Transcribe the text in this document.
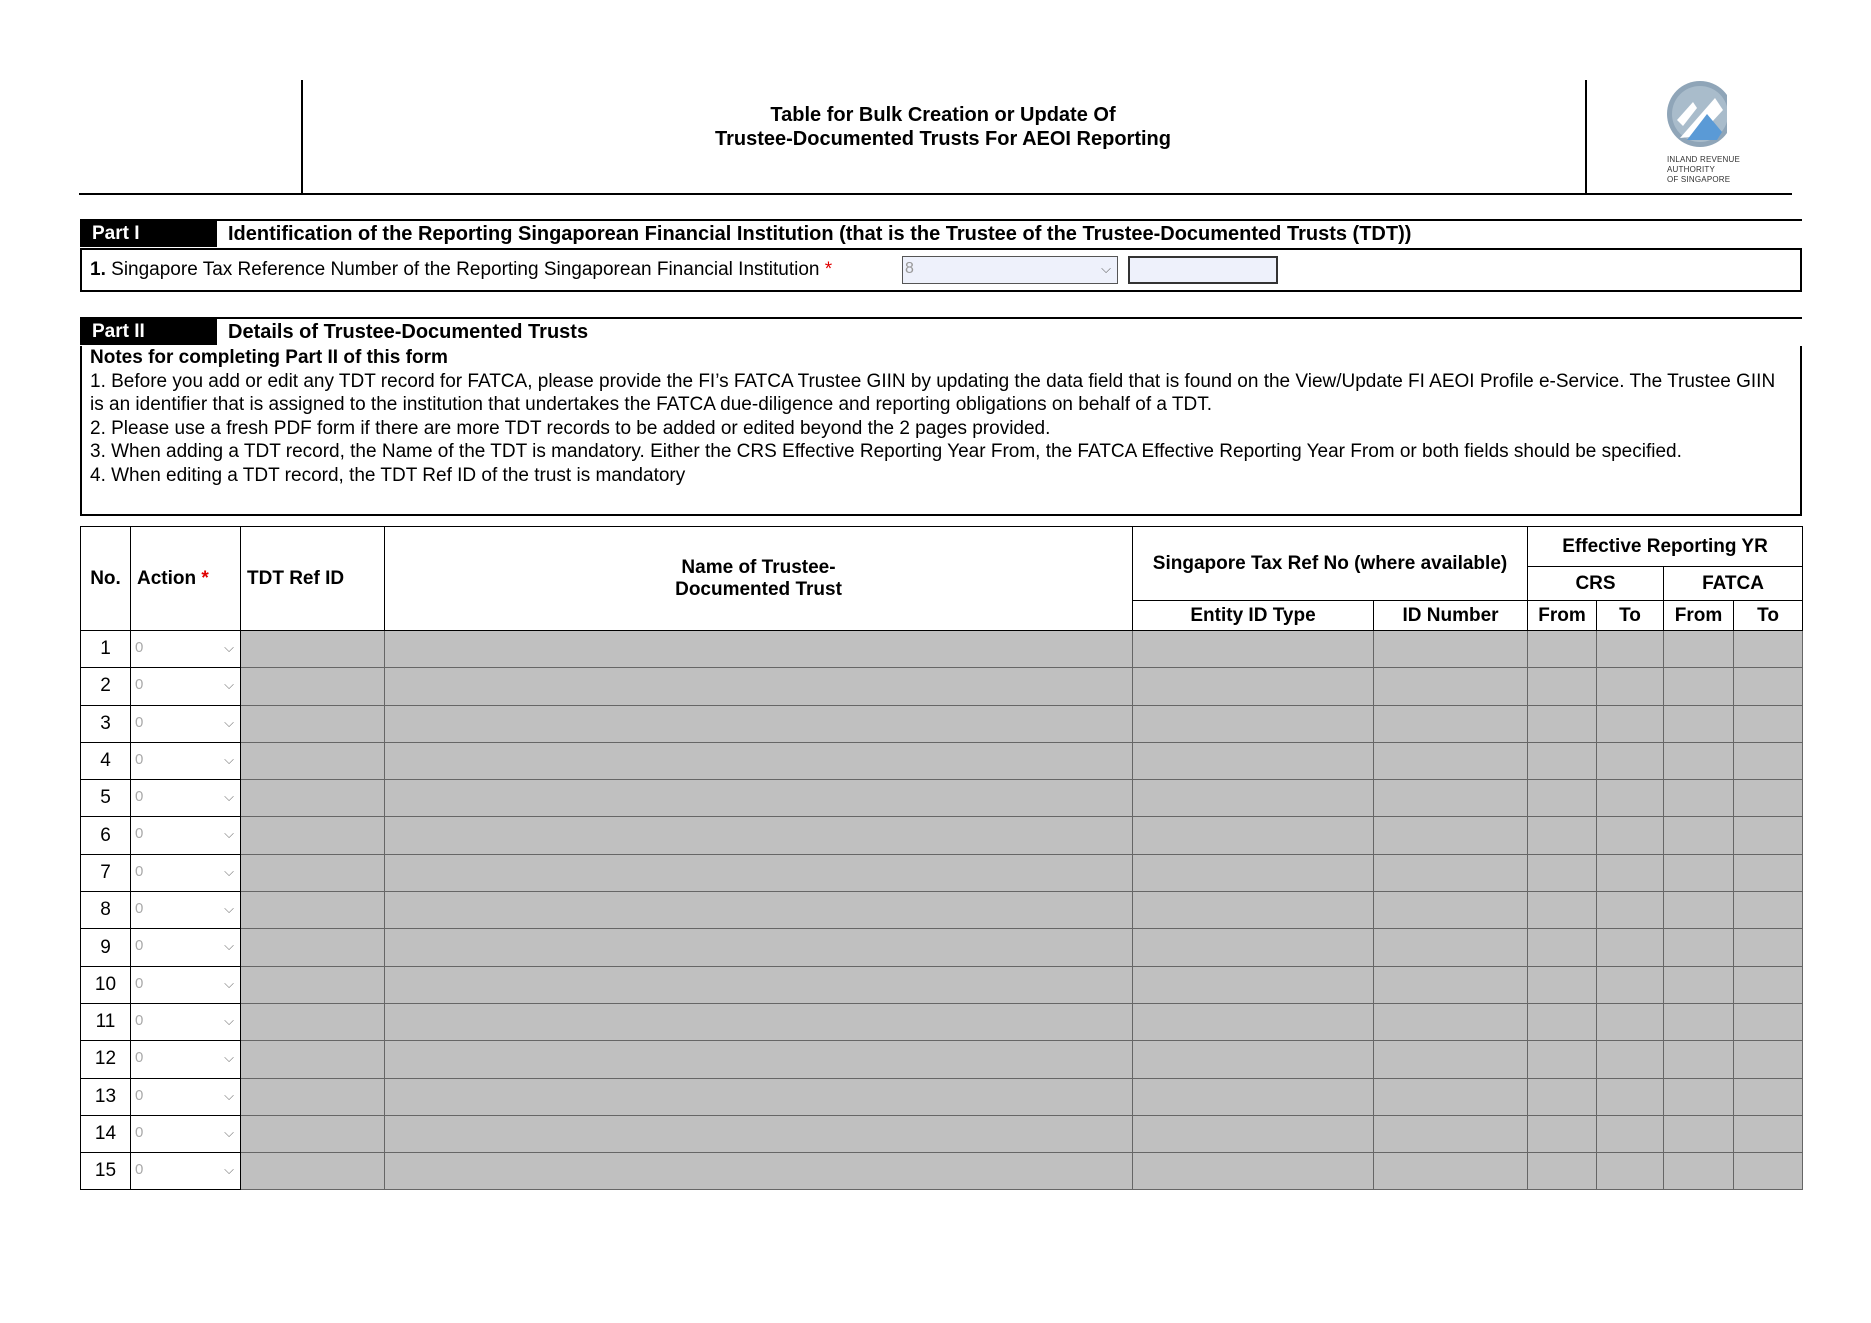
Table for Bulk Creation or Update Of
Trustee-Documented Trusts For AEOI Reporting
INLAND REVENUE
AUTHORITY
OF SINGAPORE
Part I	Identification of the Reporting Singaporean Financial Institution (that is the Trustee of the Trustee-Documented Trusts (TDT))
1. Singapore Tax Reference Number of the Reporting Singaporean Financial Institution *	8	⌵
Part II	Details of Trustee-Documented Trusts

Notes for completing Part II of this form

1. Before you add or edit any TDT record for FATCA, please provide the FI’s FATCA Trustee GIIN by updating the data field that is found on the View/Update FI AEOI Profile e-Service. The Trustee GIIN is an identifier that is assigned to the institution that undertakes the FATCA due-diligence and reporting obligations on behalf of a TDT.

2. Please use a fresh PDF form if there are more TDT records to be added or edited beyond the 2 pages provided.

3. When adding a TDT record, the Name of the TDT is mandatory. Either the CRS Effective Reporting Year From, the FATCA Effective Reporting Year From or both fields should be specified.

4. When editing a TDT record, the TDT Ref ID of the trust is mandatory

No.	Action *	TDT Ref ID	Name of Trustee-Documented Trust	Singapore Tax Ref No (where available)		Effective Reporting YR			
						CRS		FATCA	
				Entity ID Type	ID Number	From	To	From	To
1	0 ⌵								

2	0 ⌵								

3	0 ⌵								

4	0 ⌵								

5	0 ⌵								

6	0 ⌵								

7	0 ⌵								

8	0 ⌵								

9	0 ⌵								

10	0 ⌵								

11	0 ⌵								

12	0 ⌵								

13	0 ⌵								

14	0 ⌵								

15	0 ⌵								
